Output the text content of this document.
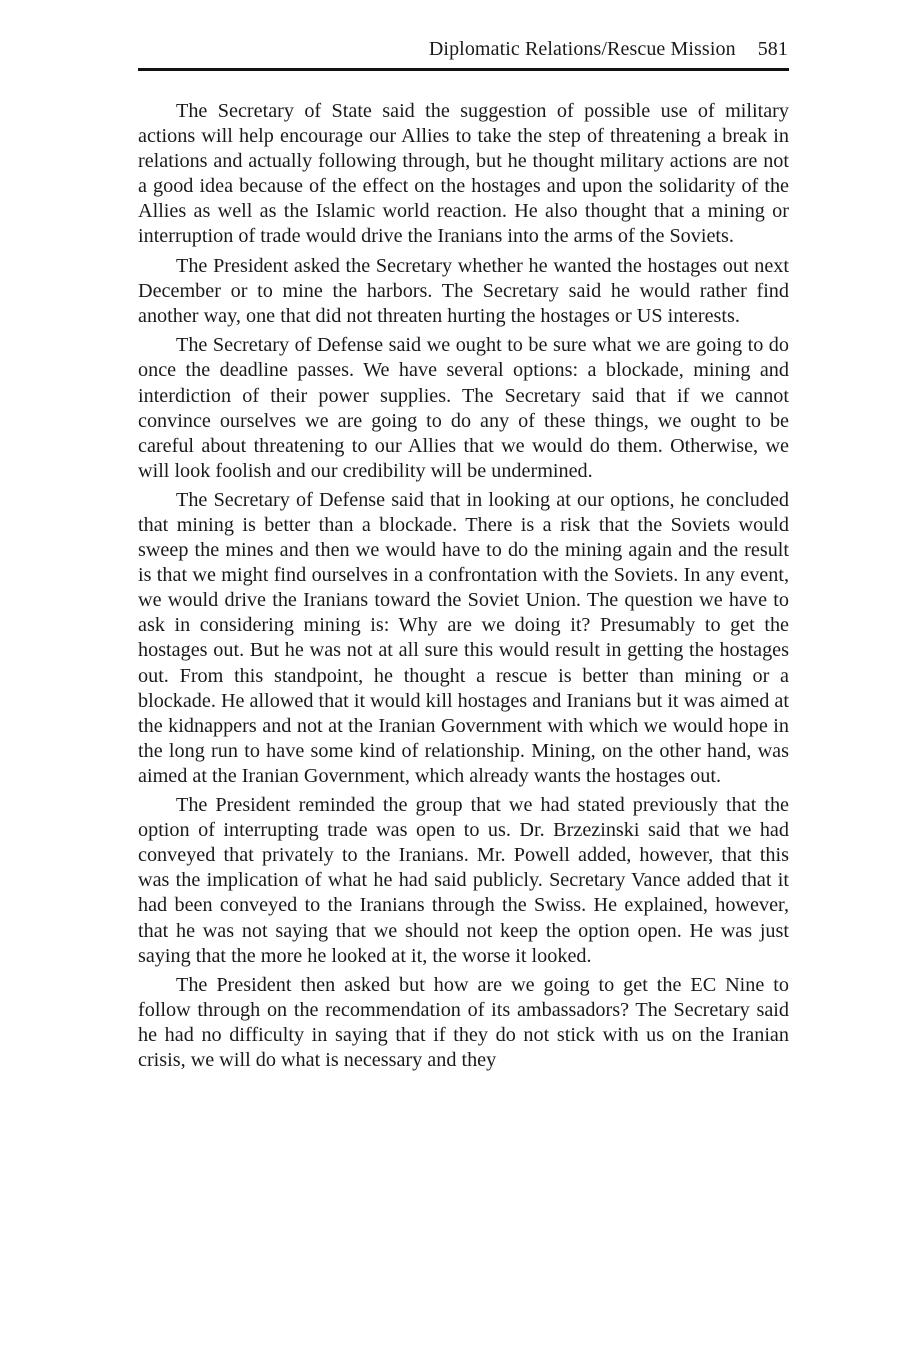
Diplomatic Relations/Rescue Mission 581

The Secretary of State said the suggestion of possible use of military actions will help encourage our Allies to take the step of threatening a break in relations and actually following through, but he thought military actions are not a good idea because of the effect on the hostages and upon the solidarity of the Allies as well as the Islamic world reaction. He also thought that a mining or interruption of trade would drive the Iranians into the arms of the Soviets.

The President asked the Secretary whether he wanted the hostages out next December or to mine the harbors. The Secretary said he would rather find another way, one that did not threaten hurting the hostages or US interests.

The Secretary of Defense said we ought to be sure what we are going to do once the deadline passes. We have several options: a blockade, mining and interdiction of their power supplies. The Secretary said that if we cannot convince ourselves we are going to do any of these things, we ought to be careful about threatening to our Allies that we would do them. Otherwise, we will look foolish and our credibility will be undermined.

The Secretary of Defense said that in looking at our options, he concluded that mining is better than a blockade. There is a risk that the Soviets would sweep the mines and then we would have to do the mining again and the result is that we might find ourselves in a confrontation with the Soviets. In any event, we would drive the Iranians toward the Soviet Union. The question we have to ask in considering mining is: Why are we doing it? Presumably to get the hostages out. But he was not at all sure this would result in getting the hostages out. From this standpoint, he thought a rescue is better than mining or a blockade. He allowed that it would kill hostages and Iranians but it was aimed at the kidnappers and not at the Iranian Government with which we would hope in the long run to have some kind of relationship. Mining, on the other hand, was aimed at the Iranian Government, which already wants the hostages out.

The President reminded the group that we had stated previously that the option of interrupting trade was open to us. Dr. Brzezinski said that we had conveyed that privately to the Iranians. Mr. Powell added, however, that this was the implication of what he had said publicly. Secretary Vance added that it had been conveyed to the Iranians through the Swiss. He explained, however, that he was not saying that we should not keep the option open. He was just saying that the more he looked at it, the worse it looked.

The President then asked but how are we going to get the EC Nine to follow through on the recommendation of its ambassadors? The Secretary said he had no difficulty in saying that if they do not stick with us on the Iranian crisis, we will do what is necessary and they
